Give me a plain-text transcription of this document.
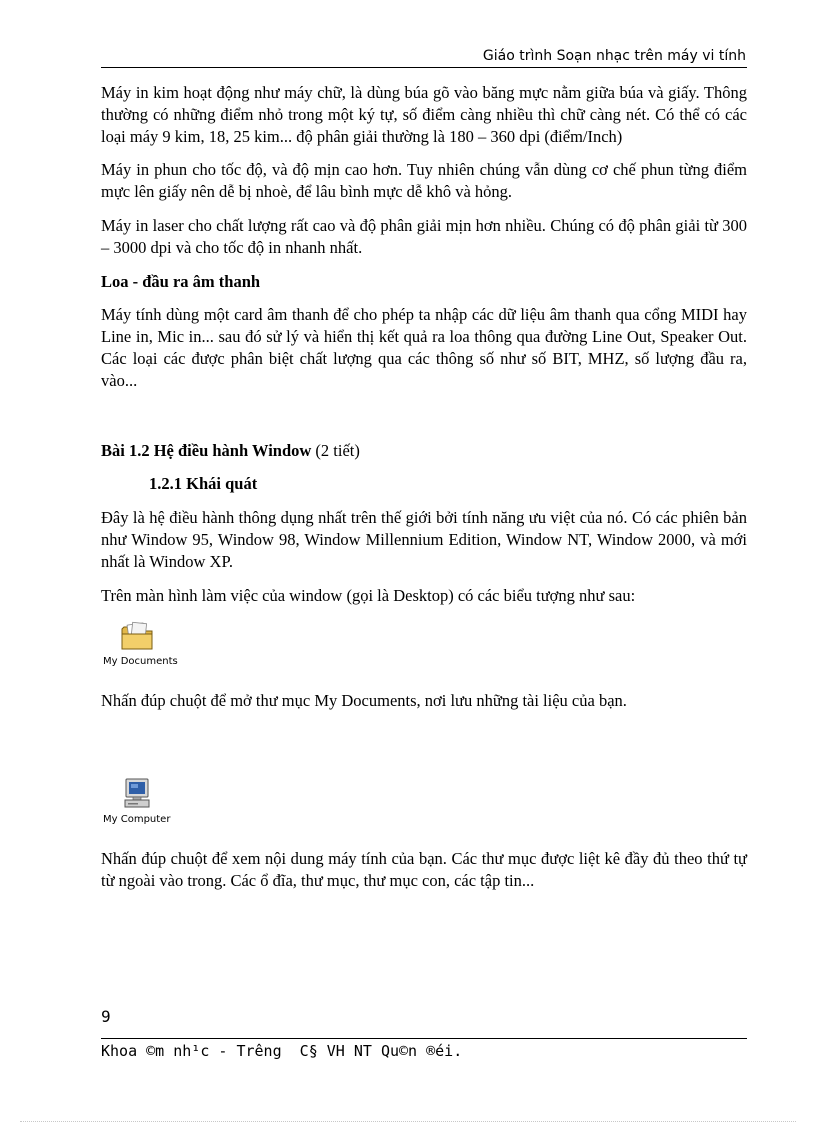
Giáo trình Soạn nhạc trên máy vi tính

Máy in kim hoạt động như máy chữ, là dùng búa gõ vào băng mực nằm giữa búa và giấy. Thông thường có những điểm nhỏ trong một ký tự, số điểm càng nhiều thì chữ càng nét. Có thể có các loại máy 9 kim, 18, 25 kim... độ phân giải thường là 180 – 360 dpi (điểm/Inch)

Máy in phun cho tốc độ, và độ mịn cao hơn. Tuy nhiên chúng vẫn dùng cơ chế phun từng điểm mực lên giấy nên dễ bị nhoè, để lâu bình mực dễ khô và hỏng.

Máy in laser cho chất lượng rất cao và độ phân giải mịn hơn nhiều. Chúng có độ phân giải từ 300 – 3000 dpi và cho tốc độ in nhanh nhất.

Loa - đầu ra âm thanh

Máy tính dùng một card âm thanh để cho phép ta nhập các dữ liệu âm thanh qua cổng MIDI hay Line in, Mic in... sau đó sử lý và hiển thị kết quả ra loa thông qua đường Line Out, Speaker Out. Các loại các được phân biệt chất lượng qua các thông số như số BIT, MHZ, số lượng đầu ra, vào...

Bài 1.2 Hệ điều hành Window (2 tiết)

1.2.1 Khái quát

Đây là hệ điều hành thông dụng nhất trên thế giới bởi tính năng ưu việt của nó. Có các phiên bản như Window 95, Window 98, Window Millennium Edition, Window NT, Window 2000, và mới nhất là Window XP.

Trên màn hình làm việc của window (gọi là Desktop) có các biểu tượng như sau:

My Documents

Nhấn đúp chuột để mở thư mục My Documents, nơi lưu những tài liệu của bạn.

My Computer

Nhấn đúp chuột để xem nội dung máy tính của bạn. Các thư mục được liệt kê đầy đủ theo thứ tự từ ngoài vào trong. Các ổ đĩa, thư mục, thư mục con, các tập tin...

9
Khoa ©m nh¹c - Trêng  C§ VH NT Qu©n ®éi.
